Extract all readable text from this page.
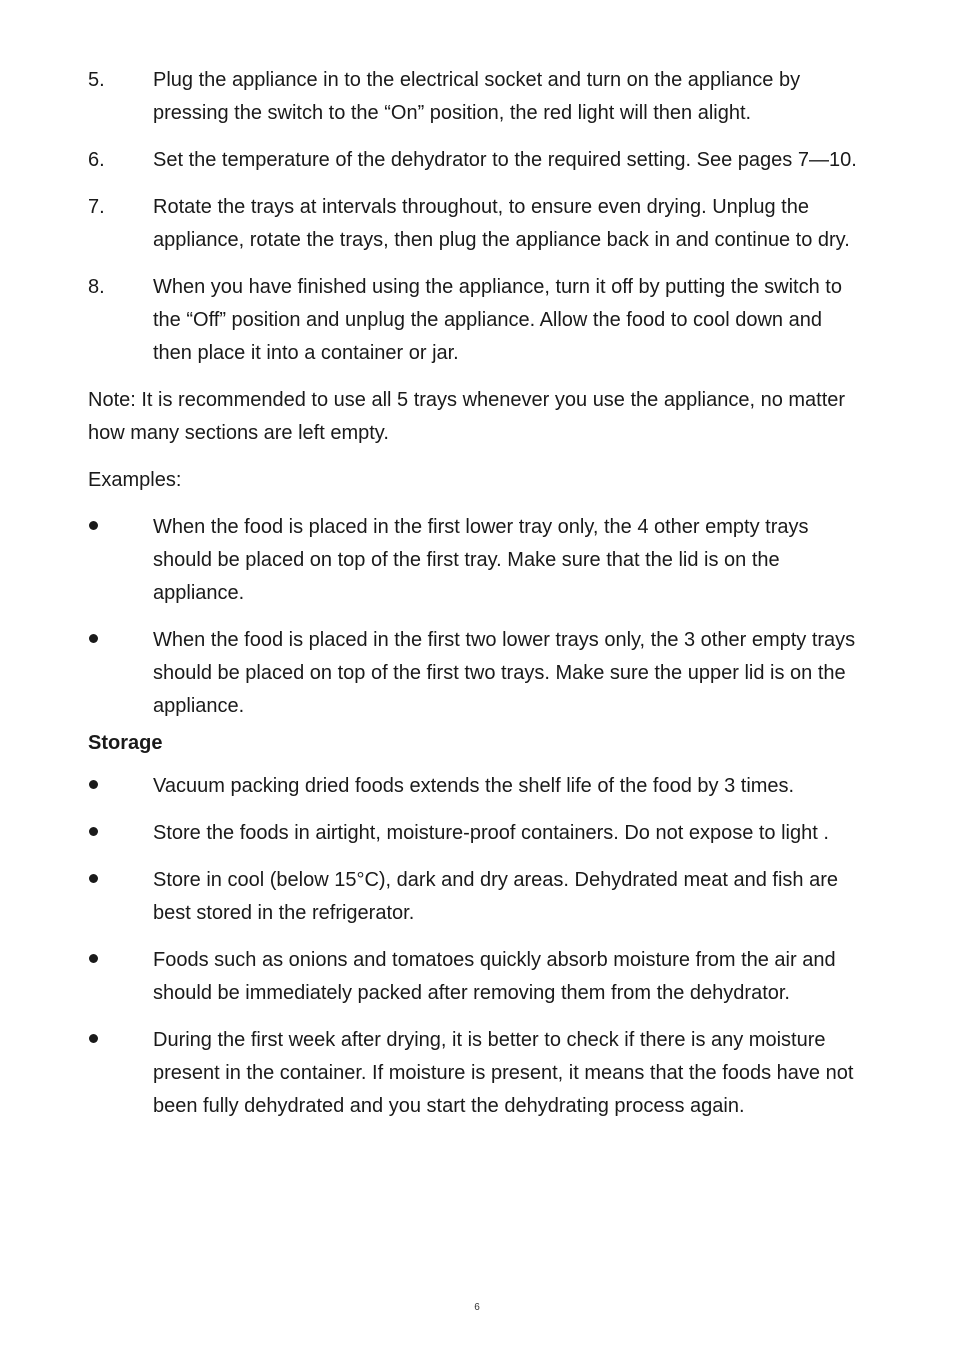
5.	Plug the appliance in to the electrical socket and turn on the appliance by pressing the switch to the “On” position, the red light will then alight.
6.	Set the temperature of the dehydrator to the required setting. See pages 7—10.
7.	Rotate the trays at intervals throughout, to ensure even drying. Unplug the appliance, rotate the trays, then plug the appliance back in and continue to dry.
8.	When you have finished using the appliance, turn it off by putting the switch to the “Off” position and unplug the appliance. Allow the food to cool down and then place it into a container or jar.

Note: It is recommended to use all 5 trays whenever you use the appliance, no matter how many sections are left empty.

Examples:

When the food is placed in the first lower tray only, the 4 other empty trays should be placed on top of the first tray. Make sure that the lid is on the appliance.
When the food is placed in the first two lower trays only, the 3 other empty trays should be placed on top of the first two trays. Make sure the upper lid is on the appliance.

Storage

Vacuum packing dried foods extends the shelf life of the food by 3 times.
Store the foods in airtight, moisture-proof containers. Do not expose to light .
Store in cool (below 15°C), dark and dry areas. Dehydrated meat and fish are best stored in the refrigerator.
Foods such as onions and tomatoes quickly absorb moisture from the air and should be immediately packed after removing them from the dehydrator.
During the first week after drying, it is better to check if there is any moisture present in the container. If moisture is present, it means that the foods have not been fully dehydrated and you start the dehydrating process again.
6
